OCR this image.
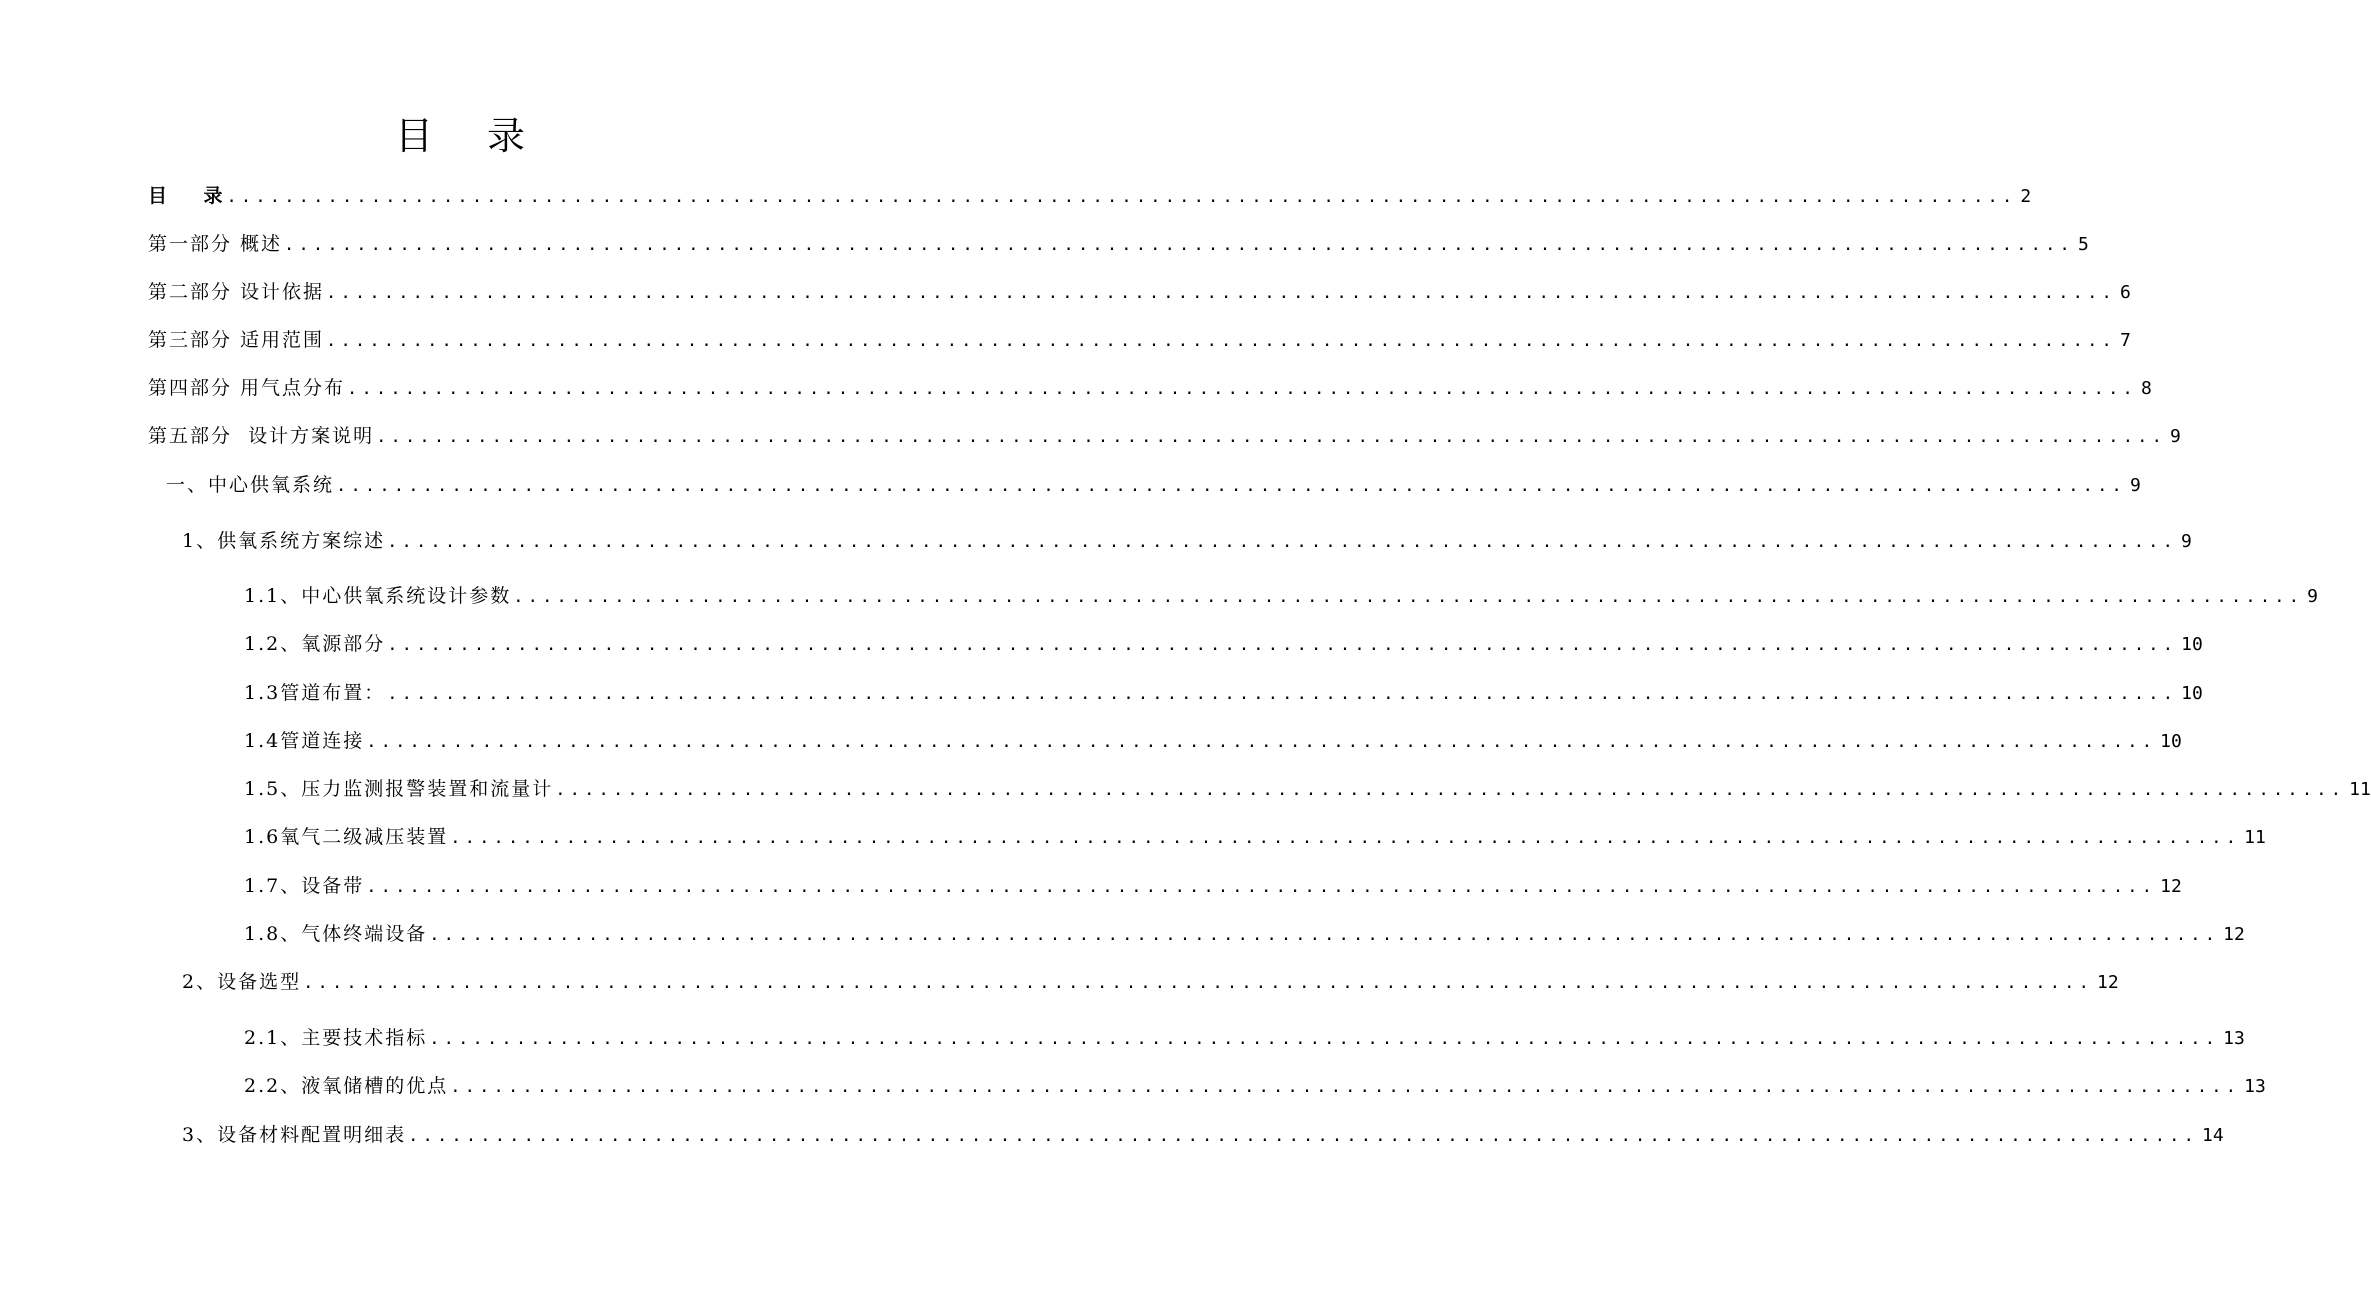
目 录
目    录 ............................................................................................................................ 2
第一部分 概述 ............................................................................................................................ 5
第二部分 设计依据 ............................................................................................................................ 6
第三部分 适用范围 ............................................................................................................................ 7
第四部分 用气点分布 ............................................................................................................................ 8
第五部分  设计方案说明 ............................................................................................................................ 9
一、中心供氧系统 ............................................................................................................................ 9
1、供氧系统方案综述 ............................................................................................................................ 9
1.1、中心供氧系统设计参数 ............................................................................................................................ 9
1.2、氧源部分 ............................................................................................................................ 10
1.3管道布置： ............................................................................................................................ 10
1.4管道连接 ............................................................................................................................ 10
1.5、压力监测报警装置和流量计 ............................................................................................................................ 11
1.6氧气二级减压装置 ............................................................................................................................ 11
1.7、设备带 ............................................................................................................................ 12
1.8、气体终端设备 ............................................................................................................................ 12
2、设备选型 ............................................................................................................................ 12
2.1、主要技术指标 ............................................................................................................................ 13
2.2、液氧储槽的优点 ............................................................................................................................ 13
3、设备材料配置明细表 ............................................................................................................................ 14
